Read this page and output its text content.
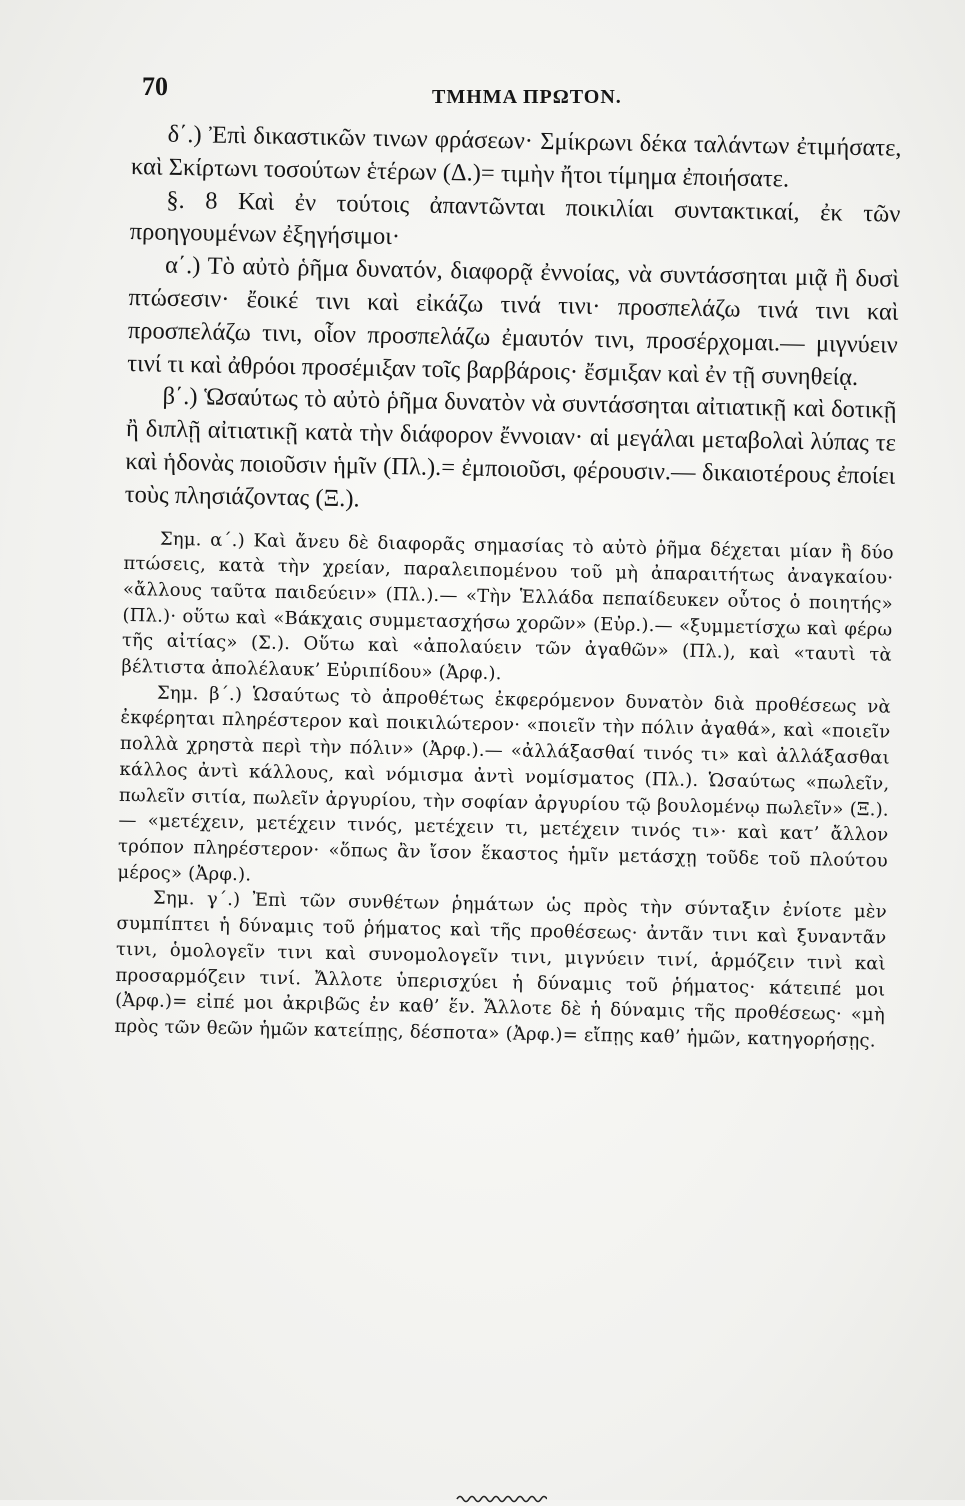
70	ΤΜΗΜΑ ΠΡΩΤΟΝ.

δ΄.) Ἐπὶ δικαστικῶν τινων φράσεων· Σμίκρωνι δέκα ταλάντων ἐτιμήσατε, καὶ Σκίρτωνι τοσούτων ἑτέρων (Δ.)= τιμὴν ἤτοι τίμημα ἐποιήσατε.

§. 8 Καὶ ἐν τούτοις ἀπαντῶνται ποικιλίαι συντακτικαί, ἐκ τῶν προηγουμένων ἐξηγήσιμοι·

α΄.) Τὸ αὐτὸ ῥῆμα δυνατόν, διαφορᾷ ἐννοίας, νὰ συντάσσηται μιᾷ ἢ δυσὶ πτώσεσιν· ἔοικέ τινι καὶ εἰκάζω τινά τινι· προσπελάζω τινά τινι καὶ προσπελάζω τινι, οἷον προσπελάζω ἐμαυτόν τινι, προσέρχομαι.— μιγνύειν τινί τι καὶ ἀθρόοι προσέμιξαν τοῖς βαρβάροις· ἔσμιξαν καὶ ἐν τῇ συνηθείᾳ.

β΄.) Ὡσαύτως τὸ αὐτὸ ῥῆμα δυνατὸν νὰ συντάσσηται αἰτιατικῇ καὶ δοτικῇ ἢ διπλῇ αἰτιατικῇ κατὰ τὴν διάφορον ἔννοιαν· αἱ μεγάλαι μεταβολαὶ λύπας τε καὶ ἡδονὰς ποιοῦσιν ἡμῖν (Πλ.).= ἐμποιοῦσι, φέρουσιν.— δικαιοτέρους ἐποίει τοὺς πλησιάζοντας (Ξ.).

Σημ. α΄.) Καὶ ἄνευ δὲ διαφορᾶς σημασίας τὸ αὐτὸ ῥῆμα δέχεται μίαν ἢ δύο πτώσεις, κατὰ τὴν χρείαν, παραλειπομένου τοῦ μὴ ἀπαραιτήτως ἀναγκαίου· «ἄλλους ταῦτα παιδεύειν» (Πλ.).— «Τὴν Ἑλλάδα πεπαίδευκεν οὗτος ὁ ποιητής» (Πλ.)· οὕτω καὶ «Βάκχαις συμμετασχήσω χορῶν» (Εὐρ.).— «ξυμμετίσχω καὶ φέρω τῆς αἰτίας» (Σ.). Οὕτω καὶ «ἀπολαύειν τῶν ἀγαθῶν» (Πλ.), καὶ «ταυτὶ τὰ βέλτιστα ἀπολέλαυκ’ Εὐριπίδου» (Ἀρφ.).

Σημ. β΄.) Ὡσαύτως τὸ ἀπροθέτως ἐκφερόμενον δυνατὸν διὰ προθέσεως νὰ ἐκφέρηται πληρέστερον καὶ ποικιλώτερον· «ποιεῖν τὴν πόλιν ἀγαθά», καὶ «ποιεῖν πολλὰ χρηστὰ περὶ τὴν πόλιν» (Ἀρφ.).— «ἀλλάξασθαί τινός τι» καὶ ἀλλάξασθαι κάλλος ἀντὶ κάλλους, καὶ νόμισμα ἀντὶ νομίσματος (Πλ.). Ὡσαύτως «πωλεῖν, πωλεῖν σιτία, πωλεῖν ἀργυρίου, τὴν σοφίαν ἀργυρίου τῷ βουλομένῳ πωλεῖν» (Ξ.).— «μετέχειν, μετέχειν τινός, μετέχειν τι, μετέχειν τινός τι»· καὶ κατ’ ἄλλον τρόπον πληρέστερον· «ὅπως ἂν ἴσον ἕκαστος ἡμῖν μετάσχῃ τοῦδε τοῦ πλούτου μέρος» (Ἀρφ.).

Σημ. γ΄.) Ἐπὶ τῶν συνθέτων ῥημάτων ὡς πρὸς τὴν σύνταξιν ἐνίοτε μὲν συμπίπτει ἡ δύναμις τοῦ ῥήματος καὶ τῆς προθέσεως· ἀντᾶν τινι καὶ ξυναντᾶν τινι, ὁμολογεῖν τινι καὶ συνομολογεῖν τινι, μιγνύειν τινί, ἁρμόζειν τινὶ καὶ προσαρμόζειν τινί. Ἄλλοτε ὑπερισχύει ἡ δύναμις τοῦ ῥήματος· κάτειπέ μοι (Ἀρφ.)= εἰπέ μοι ἀκριβῶς ἐν καθ’ ἕν. Ἄλλοτε δὲ ἡ δύναμις τῆς προθέσεως· «μὴ πρὸς τῶν θεῶν ἡμῶν κατείπῃς, δέσποτα» (Ἀρφ.)= εἴπῃς καθ’ ἡμῶν, κατηγορήσῃς.
